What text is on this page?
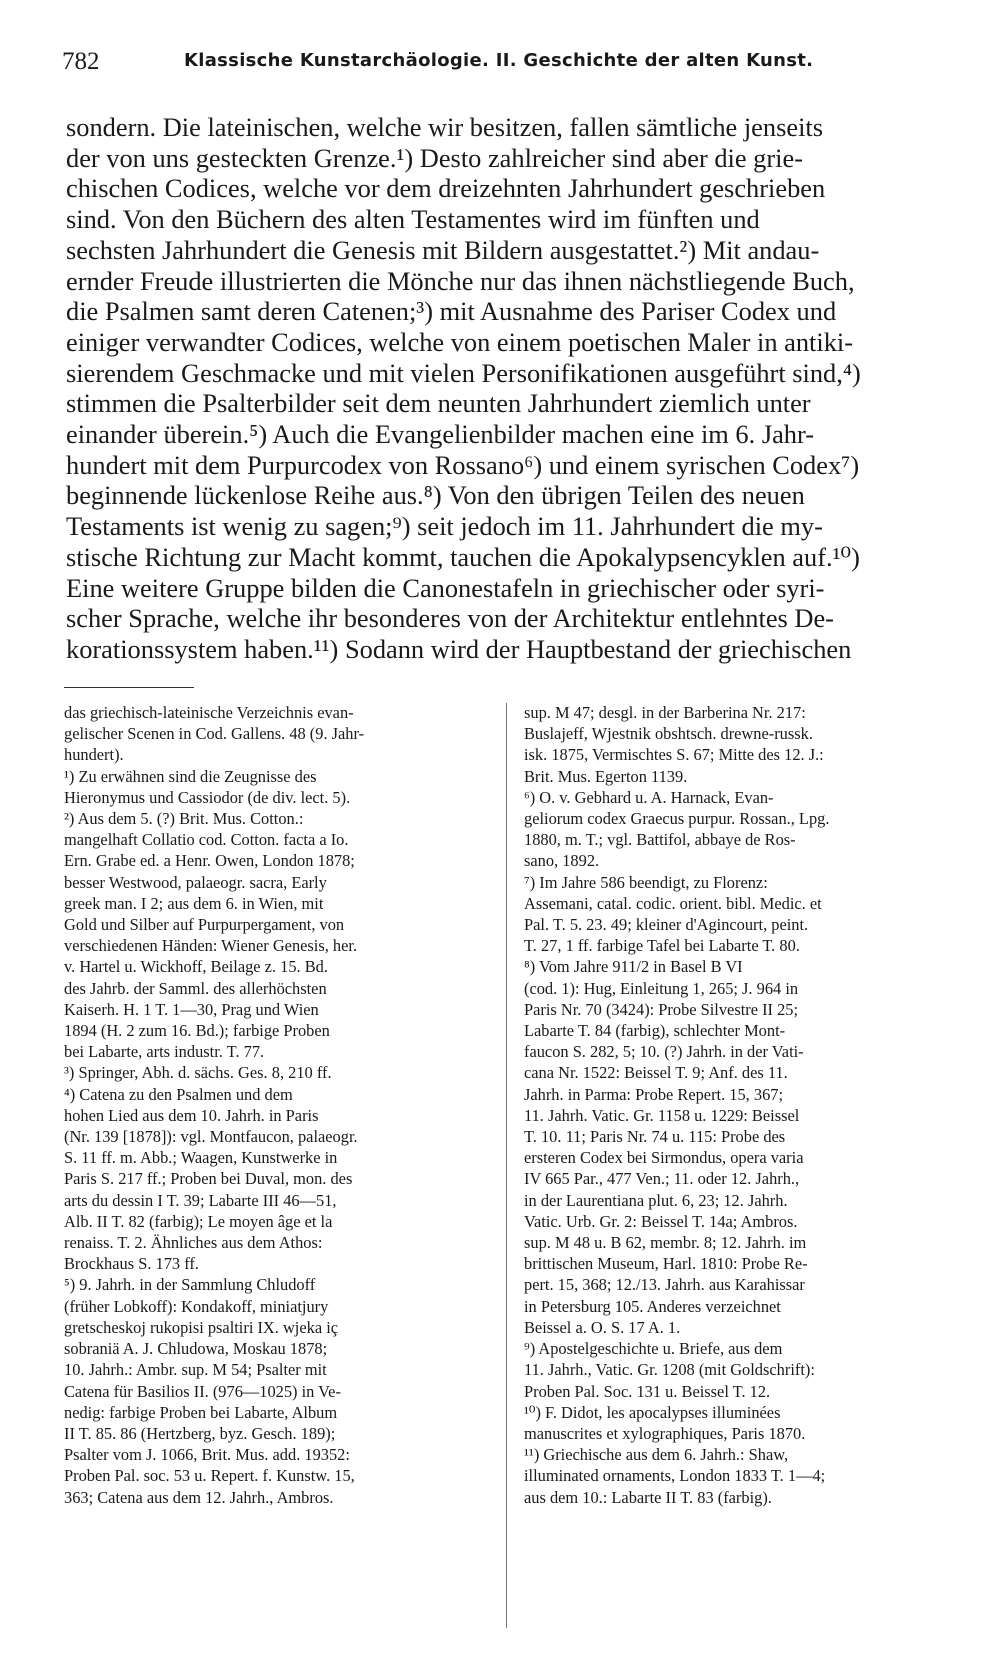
782	Klassische Kunstarchäologie. II. Geschichte der alten Kunst.
sondern. Die lateinischen, welche wir besitzen, fallen sämtliche jenseits
der von uns gesteckten Grenze.¹) Desto zahlreicher sind aber die grie-
chischen Codices, welche vor dem dreizehnten Jahrhundert geschrieben
sind. Von den Büchern des alten Testamentes wird im fünften und
sechsten Jahrhundert die Genesis mit Bildern ausgestattet.²) Mit andau-
ernder Freude illustrierten die Mönche nur das ihnen nächstliegende Buch,
die Psalmen samt deren Catenen;³) mit Ausnahme des Pariser Codex und
einiger verwandter Codices, welche von einem poetischen Maler in antiki-
sierendem Geschmacke und mit vielen Personifikationen ausgeführt sind,⁴)
stimmen die Psalterbilder seit dem neunten Jahrhundert ziemlich unter
einander überein.⁵) Auch die Evangelienbilder machen eine im 6. Jahr-
hundert mit dem Purpurcodex von Rossano⁶) und einem syrischen Codex⁷)
beginnende lückenlose Reihe aus.⁸) Von den übrigen Teilen des neuen
Testaments ist wenig zu sagen;⁹) seit jedoch im 11. Jahrhundert die my-
stische Richtung zur Macht kommt, tauchen die Apokalypsencyklen auf.¹⁰)
Eine weitere Gruppe bilden die Canonestafeln in griechischer oder syri-
scher Sprache, welche ihr besonderes von der Architektur entlehntes De-
korationssystem haben.¹¹) Sodann wird der Hauptbestand der griechischen
das griechisch-lateinische Verzeichnis evan-
gelischer Scenen in Cod. Gallens. 48 (9. Jahr-
hundert).
¹) Zu erwähnen sind die Zeugnisse des
Hieronymus und Cassiodor (de div. lect. 5).
²) Aus dem 5. (?) Brit. Mus. Cotton.:
mangelhaft Collatio cod. Cotton. facta a Io.
Ern. Grabe ed. a Henr. Owen, London 1878;
besser Westwood, palaeogr. sacra, Early
greek man. I 2; aus dem 6. in Wien, mit
Gold und Silber auf Purpurpergament, von
verschiedenen Händen: Wiener Genesis, her.
v. Hartel u. Wickhoff, Beilage z. 15. Bd.
des Jahrb. der Samml. des allerhöchsten
Kaiserh. H. 1 T. 1—30, Prag und Wien
1894 (H. 2 zum 16. Bd.); farbige Proben
bei Labarte, arts industr. T. 77.
³) Springer, Abh. d. sächs. Ges. 8, 210 ff.
⁴) Catena zu den Psalmen und dem
hohen Lied aus dem 10. Jahrh. in Paris
(Nr. 139 [1878]): vgl. Montfaucon, palaeogr.
S. 11 ff. m. Abb.; Waagen, Kunstwerke in
Paris S. 217 ff.; Proben bei Duval, mon. des
arts du dessin I T. 39; Labarte III 46—51,
Alb. II T. 82 (farbig); Le moyen âge et la
renaiss. T. 2. Ähnliches aus dem Athos:
Brockhaus S. 173 ff.
⁵) 9. Jahrh. in der Sammlung Chludoff
(früher Lobkoff): Kondakoff, miniatjury
gretscheskoj rukopisi psaltiri IX. wjeka iç
sobraniä A. J. Chludowa, Moskau 1878;
10. Jahrh.: Ambr. sup. M 54; Psalter mit
Catena für Basilios II. (976—1025) in Ve-
nedig: farbige Proben bei Labarte, Album
II T. 85. 86 (Hertzberg, byz. Gesch. 189);
Psalter vom J. 1066, Brit. Mus. add. 19352:
Proben Pal. soc. 53 u. Repert. f. Kunstw. 15,
363; Catena aus dem 12. Jahrh., Ambros.
sup. M 47; desgl. in der Barberina Nr. 217:
Buslajeff, Wjestnik obshtsch. drewne-russk.
isk. 1875, Vermischtes S. 67; Mitte des 12. J.:
Brit. Mus. Egerton 1139.
⁶) O. v. Gebhard u. A. Harnack, Evan-
geliorum codex Graecus purpur. Rossan., Lpg.
1880, m. T.; vgl. Battifol, abbaye de Ros-
sano, 1892.
⁷) Im Jahre 586 beendigt, zu Florenz:
Assemani, catal. codic. orient. bibl. Medic. et
Pal. T. 5. 23. 49; kleiner d'Agincourt, peint.
T. 27, 1 ff. farbige Tafel bei Labarte T. 80.
⁸) Vom Jahre 911/2 in Basel B VI
(cod. 1): Hug, Einleitung 1, 265; J. 964 in
Paris Nr. 70 (3424): Probe Silvestre II 25;
Labarte T. 84 (farbig), schlechter Mont-
faucon S. 282, 5; 10. (?) Jahrh. in der Vati-
cana Nr. 1522: Beissel T. 9; Anf. des 11.
Jahrh. in Parma: Probe Repert. 15, 367;
11. Jahrh. Vatic. Gr. 1158 u. 1229: Beissel
T. 10. 11; Paris Nr. 74 u. 115: Probe des
ersteren Codex bei Sirmondus, opera varia
IV 665 Par., 477 Ven.; 11. oder 12. Jahrh.,
in der Laurentiana plut. 6, 23; 12. Jahrh.
Vatic. Urb. Gr. 2: Beissel T. 14a; Ambros.
sup. M 48 u. B 62, membr. 8; 12. Jahrh. im
brittischen Museum, Harl. 1810: Probe Re-
pert. 15, 368; 12./13. Jahrh. aus Karahissar
in Petersburg 105. Anderes verzeichnet
Beissel a. O. S. 17 A. 1.
⁹) Apostelgeschichte u. Briefe, aus dem
11. Jahrh., Vatic. Gr. 1208 (mit Goldschrift):
Proben Pal. Soc. 131 u. Beissel T. 12.
¹⁰) F. Didot, les apocalypses illuminées
manuscrites et xylographiques, Paris 1870.
¹¹) Griechische aus dem 6. Jahrh.: Shaw,
illuminated ornaments, London 1833 T. 1—4;
aus dem 10.: Labarte II T. 83 (farbig).
